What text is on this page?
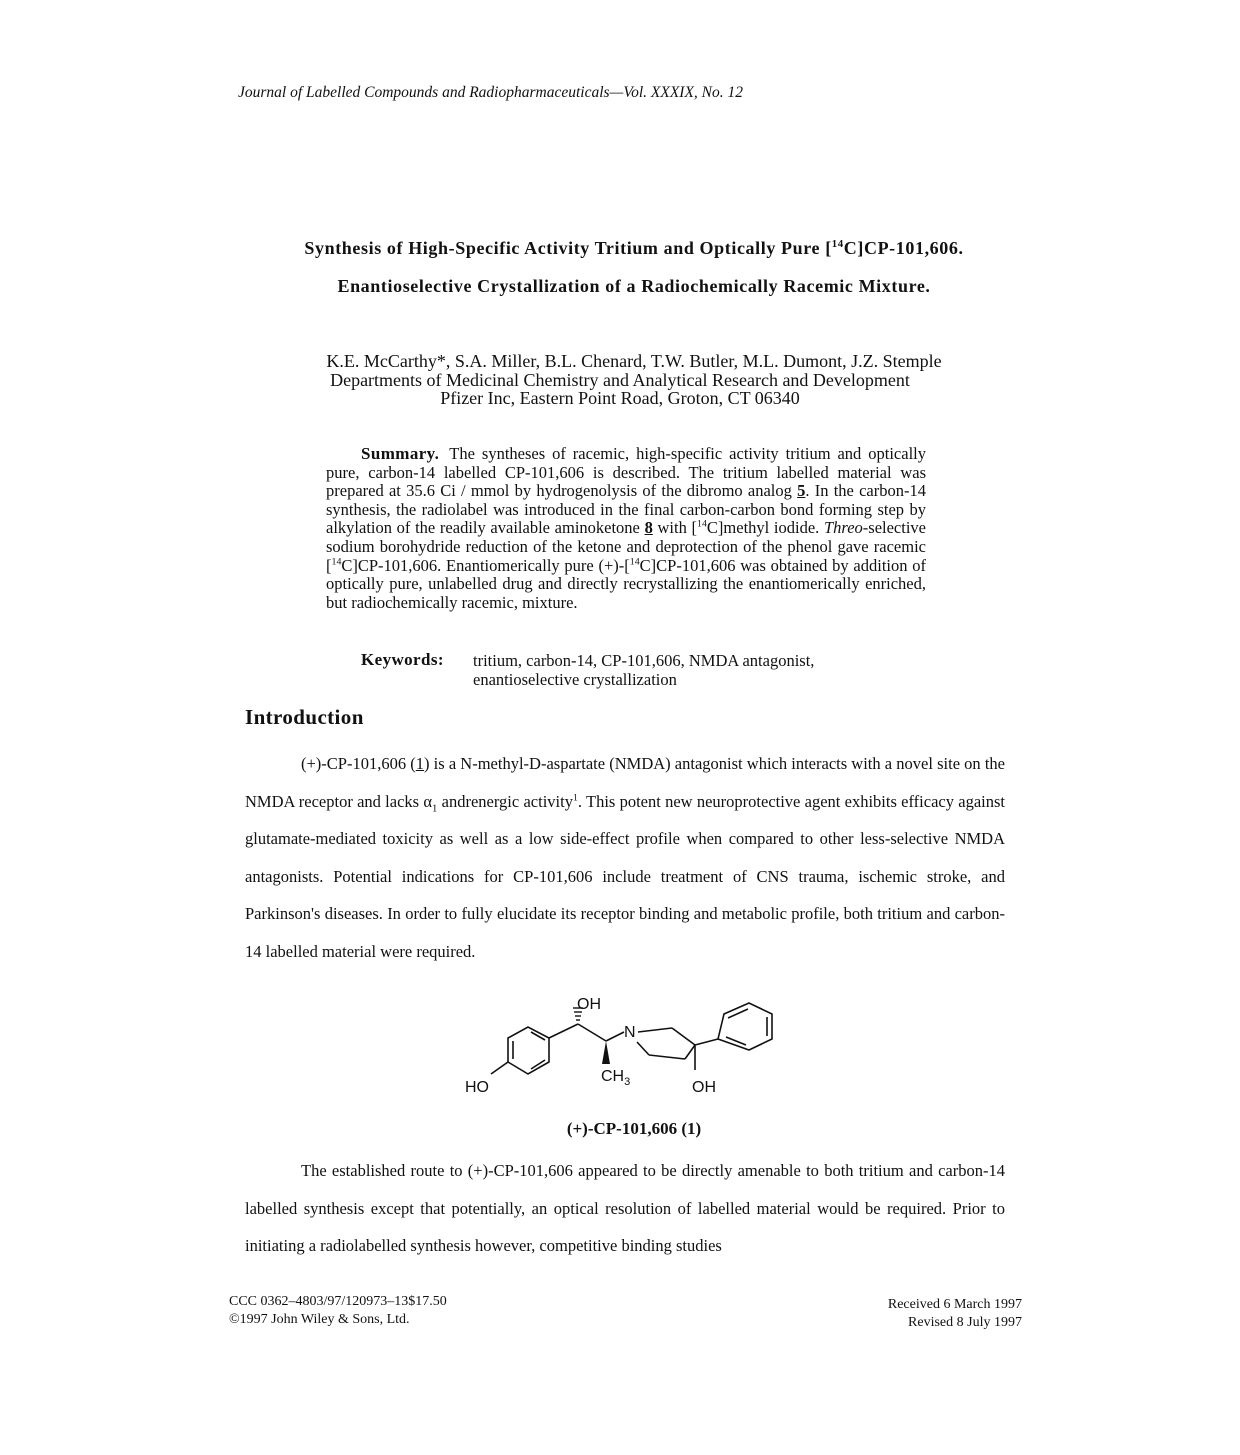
Journal of Labelled Compounds and Radiopharmaceuticals—Vol. XXXIX, No. 12
Synthesis of High-Specific Activity Tritium and Optically Pure [$^{14}$C]CP-101,606.
Enantioselective Crystallization of a Radiochemically Racemic Mixture.
K.E. McCarthy*, S.A. Miller, B.L. Chenard, T.W. Butler, M.L. Dumont, J.Z. Stemple
Departments of Medicinal Chemistry and Analytical Research and Development
Pfizer Inc, Eastern Point Road, Groton, CT 06340
Summary. The syntheses of racemic, high-specific activity tritium and optically pure, carbon-14 labelled CP-101,606 is described. The tritium labelled material was prepared at 35.6 Ci / mmol by hydrogenolysis of the dibromo analog 5. In the carbon-14 synthesis, the radiolabel was introduced in the final carbon-carbon bond forming step by alkylation of the readily available aminoketone 8 with [$^{14}$C]methyl iodide. Threo-selective sodium borohydride reduction of the ketone and deprotection of the phenol gave racemic [$^{14}$C]CP-101,606. Enantiomerically pure (+)-[$^{14}$C]CP-101,606 was obtained by addition of optically pure, unlabelled drug and directly recrystallizing the enantiomerically enriched, but radiochemically racemic, mixture.
Keywords: tritium, carbon-14, CP-101,606, NMDA antagonist,
enantioselective crystallization
Introduction
(+)-CP-101,606 (1) is a N-methyl-D-aspartate (NMDA) antagonist which interacts with a novel site on the NMDA receptor and lacks $\alpha_1$ andrenergic activity$^1$. This potent new neuroprotective agent exhibits efficacy against glutamate-mediated toxicity as well as a low side-effect profile when compared to other less-selective NMDA antagonists. Potential indications for CP-101,606 include treatment of CNS trauma, ischemic stroke, and Parkinson's diseases. In order to fully elucidate its receptor binding and metabolic profile, both tritium and carbon-14 labelled material were required.
OH
N
HO
$CH_3$	OH
(+)-CP-101,606 (1)
The established route to (+)-CP-101,606 appeared to be directly amenable to both tritium and carbon-14 labelled synthesis except that potentially, an optical resolution of labelled material would be required. Prior to initiating a radiolabelled synthesis however, competitive binding studies
CCC 0362–4803/97/120973–13$17.50
©1997 John Wiley & Sons, Ltd.
Received 6 March 1997
Revised 8 July 1997
